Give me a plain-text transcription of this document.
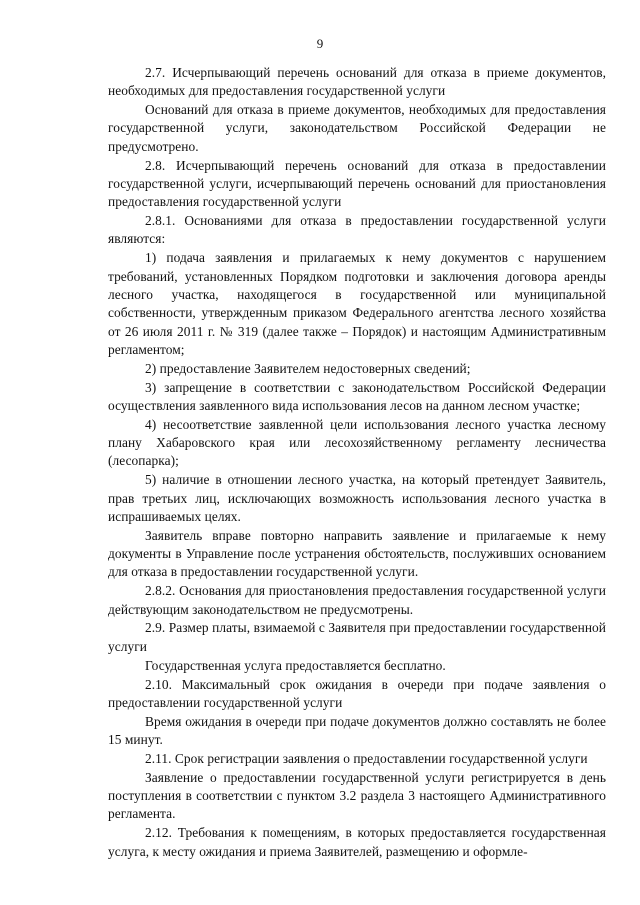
9

2.7. Исчерпывающий перечень оснований для отказа в приеме документов, необходимых для предоставления государственной услуги

Оснований для отказа в приеме документов, необходимых для предоставления государственной услуги, законодательством Российской Федерации не предусмотрено.

2.8. Исчерпывающий перечень оснований для отказа в предоставлении государственной услуги, исчерпывающий перечень оснований для приостановления предоставления государственной услуги

2.8.1. Основаниями для отказа в предоставлении государственной услуги являются:

1) подача заявления и прилагаемых к нему документов с нарушением требований, установленных Порядком подготовки и заключения договора аренды лесного участка, находящегося в государственной или муниципальной собственности, утвержденным приказом Федерального агентства лесного хозяйства от 26 июля 2011 г. № 319 (далее также – Порядок) и настоящим Административным регламентом;

2) предоставление Заявителем недостоверных сведений;

3) запрещение в соответствии с законодательством Российской Федерации осуществления заявленного вида использования лесов на данном лесном участке;

4) несоответствие заявленной цели использования лесного участка лесному плану Хабаровского края или лесохозяйственному регламенту лесничества (лесопарка);

5) наличие в отношении лесного участка, на который претендует Заявитель, прав третьих лиц, исключающих возможность использования лесного участка в испрашиваемых целях.

Заявитель вправе повторно направить заявление и прилагаемые к нему документы в Управление после устранения обстоятельств, послуживших основанием для отказа в предоставлении государственной услуги.

2.8.2. Основания для приостановления предоставления государственной услуги действующим законодательством не предусмотрены.

2.9. Размер платы, взимаемой с Заявителя при предоставлении государственной услуги

Государственная услуга предоставляется бесплатно.

2.10. Максимальный срок ожидания в очереди при подаче заявления о предоставлении государственной услуги

Время ожидания в очереди при подаче документов должно составлять не более 15 минут.

2.11. Срок регистрации заявления о предоставлении государственной услуги

Заявление о предоставлении государственной услуги регистрируется в день поступления в соответствии с пунктом 3.2 раздела 3 настоящего Административного регламента.

2.12. Требования к помещениям, в которых предоставляется государственная услуга, к месту ожидания и приема Заявителей, размещению и оформле-
